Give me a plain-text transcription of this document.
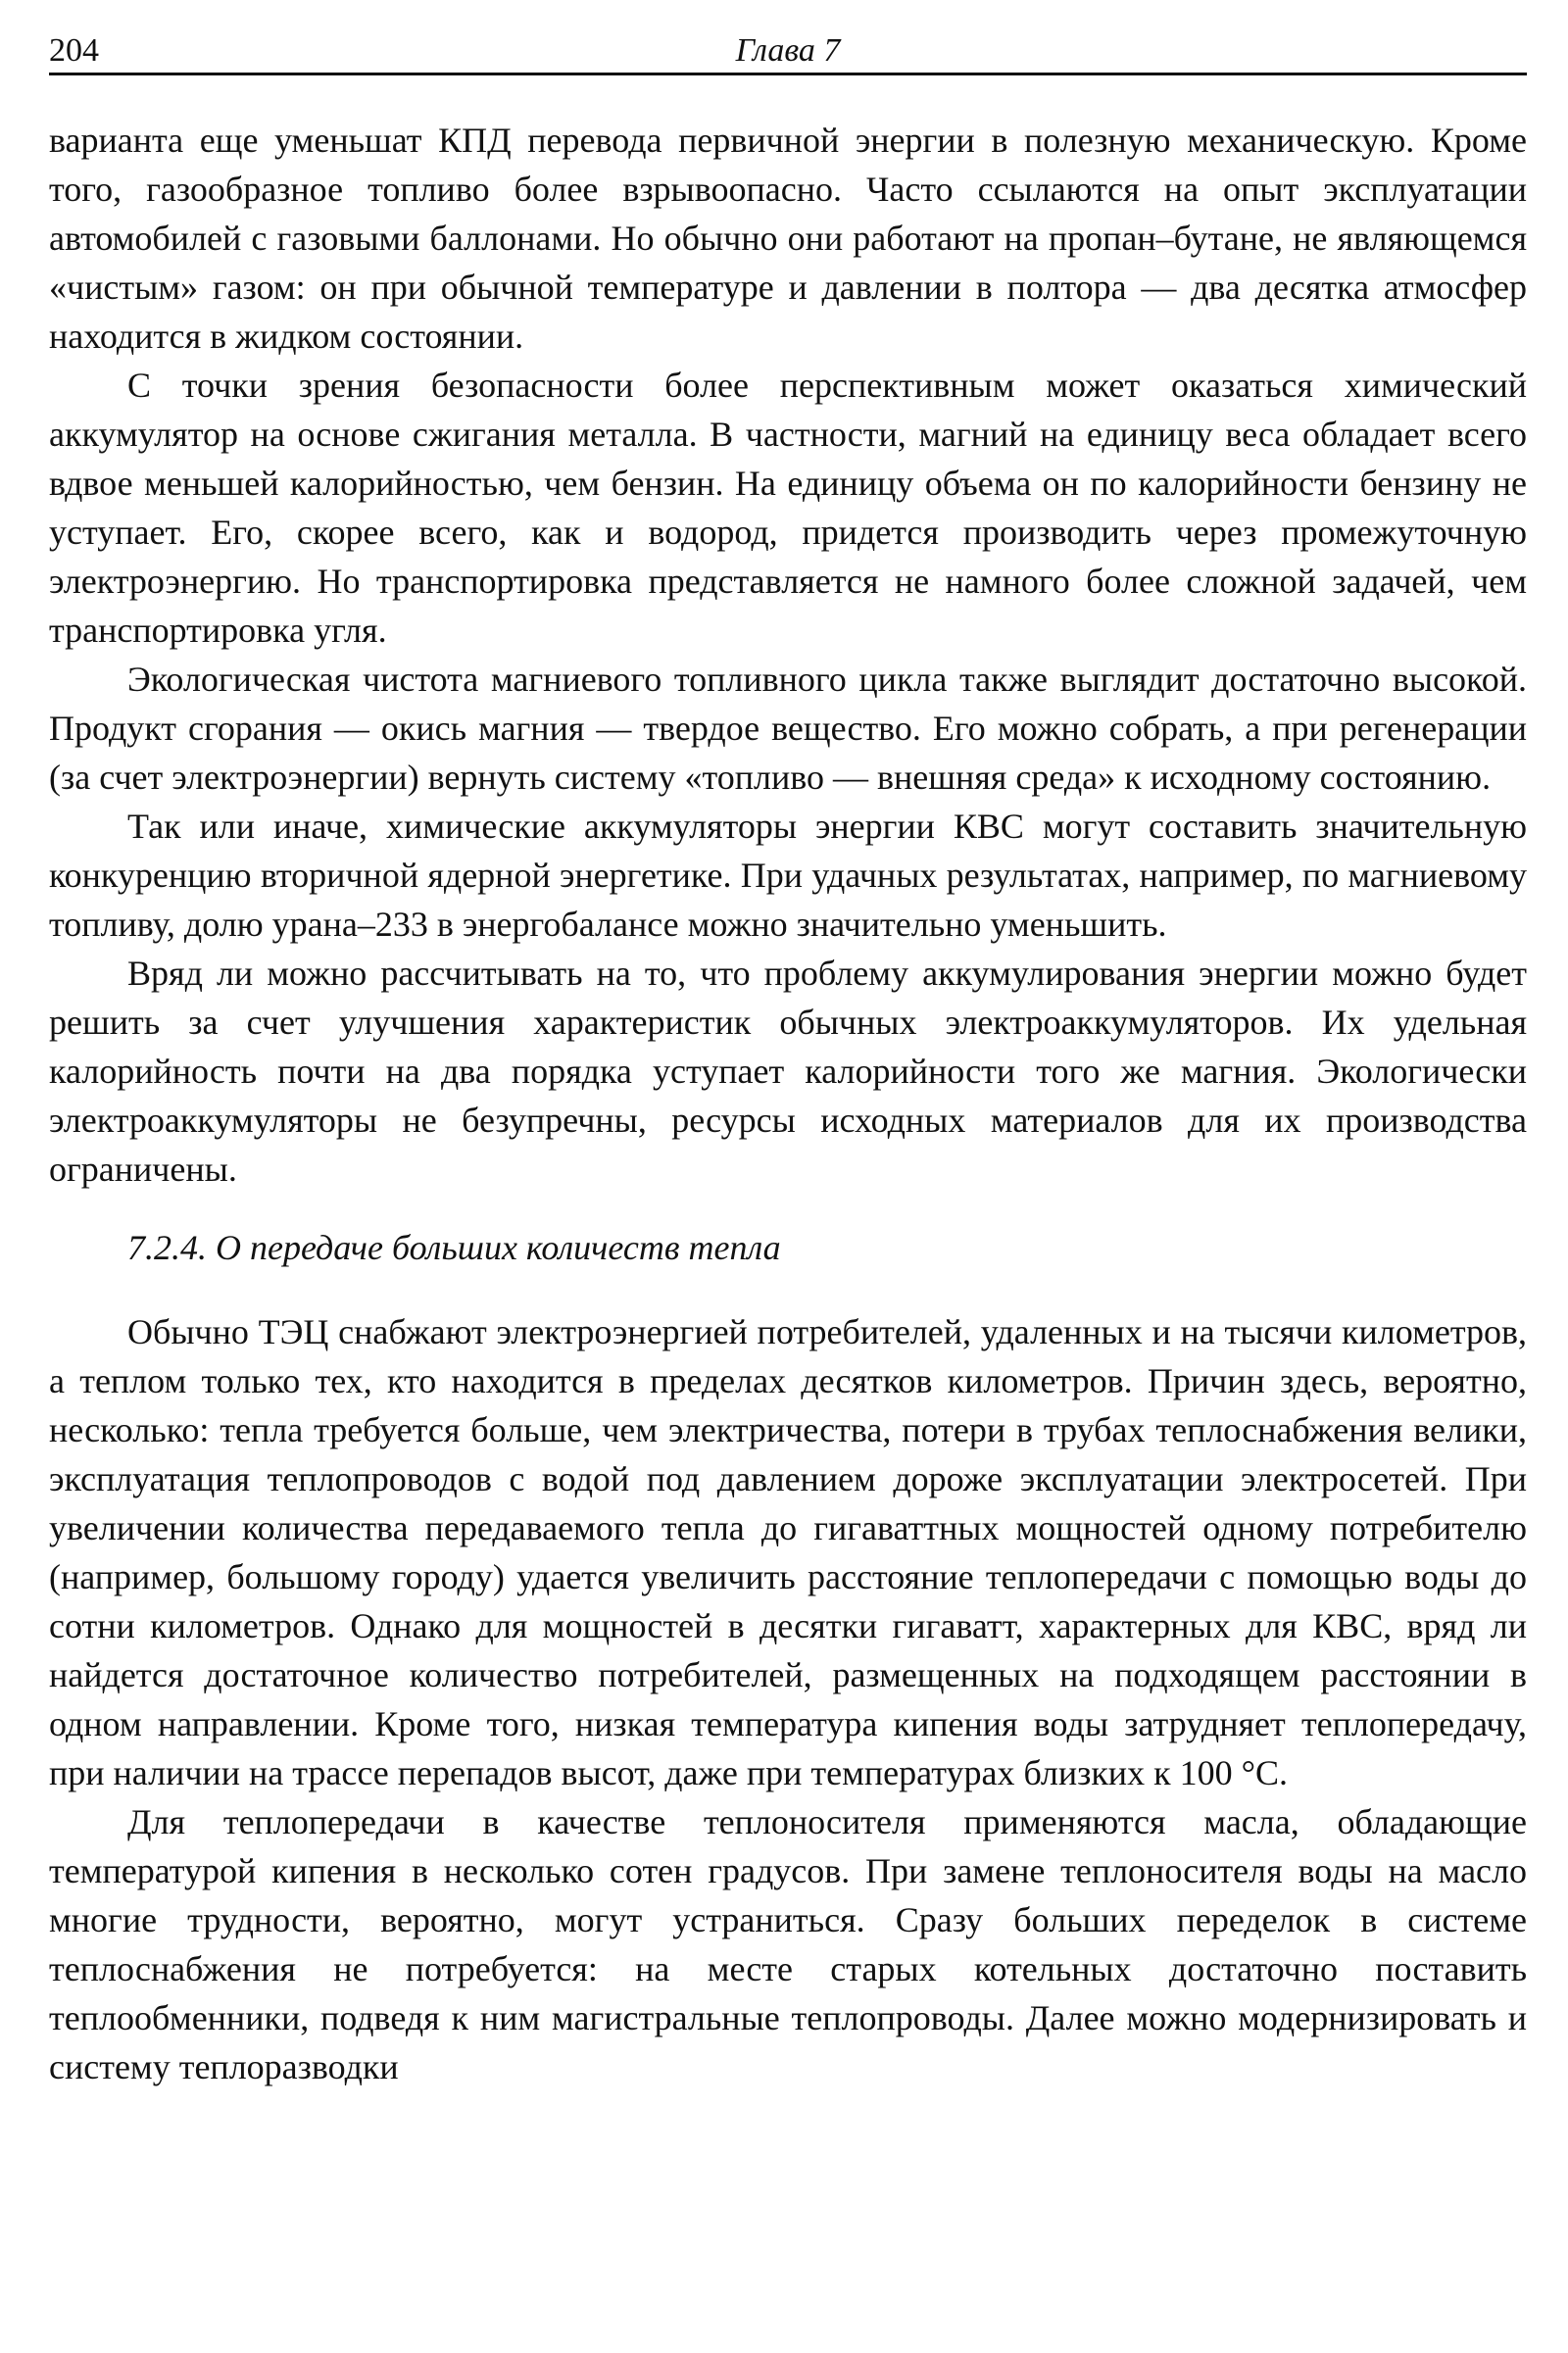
204	Глава 7

варианта еще уменьшат КПД перевода первичной энергии в полезную механическую. Кроме того, газообразное топливо более взрывоопасно. Часто ссылаются на опыт эксплуатации автомобилей с газовыми баллонами. Но обычно они работают на пропан–бутане, не являющемся «чистым» газом: он при обычной температуре и давлении в полтора — два десятка атмосфер находится в жидком состоянии.

С точки зрения безопасности более перспективным может оказаться химический аккумулятор на основе сжигания металла. В частности, магний на единицу веса обладает всего вдвое меньшей калорийностью, чем бензин. На единицу объема он по калорийности бензину не уступает. Его, скорее всего, как и водород, придется производить через промежуточную электроэнергию. Но транспортировка представляется не намного более сложной задачей, чем транспортировка угля.

Экологическая чистота магниевого топливного цикла также выглядит достаточно высокой. Продукт сгорания — окись магния — твердое вещество. Его можно собрать, а при регенерации (за счет электроэнергии) вернуть систему «топливо — внешняя среда» к исходному состоянию.

Так или иначе, химические аккумуляторы энергии КВС могут составить значительную конкуренцию вторичной ядерной энергетике. При удачных результатах, например, по магниевому топливу, долю урана–233 в энергобалансе можно значительно уменьшить.

Вряд ли можно рассчитывать на то, что проблему аккумулирования энергии можно будет решить за счет улучшения характеристик обычных электроаккумуляторов. Их удельная калорийность почти на два порядка уступает калорийности того же магния. Экологически электроаккумуляторы не безупречны, ресурсы исходных материалов для их производства ограничены.

7.2.4. О передаче больших количеств тепла

Обычно ТЭЦ снабжают электроэнергией потребителей, удаленных и на тысячи километров, а теплом только тех, кто находится в пределах десятков километров. Причин здесь, вероятно, несколько: тепла требуется больше, чем электричества, потери в трубах теплоснабжения велики, эксплуатация теплопроводов с водой под давлением дороже эксплуатации электросетей. При увеличении количества передаваемого тепла до гигаваттных мощностей одному потребителю (например, большому городу) удается увеличить расстояние теплопередачи с помощью воды до сотни километров. Однако для мощностей в десятки гигаватт, характерных для КВС, вряд ли найдется достаточное количество потребителей, размещенных на подходящем расстоянии в одном направлении. Кроме того, низкая температура кипения воды затрудняет теплопередачу, при наличии на трассе перепадов высот, даже при температурах близких к 100 °С.

Для теплопередачи в качестве теплоносителя применяются масла, обладающие температурой кипения в несколько сотен градусов. При замене теплоносителя воды на масло многие трудности, вероятно, могут устраниться. Сразу больших переделок в системе теплоснабжения не потребуется: на месте старых котельных достаточно поставить теплообменники, подведя к ним магистральные теплопроводы. Далее можно модернизировать и систему теплоразводки
